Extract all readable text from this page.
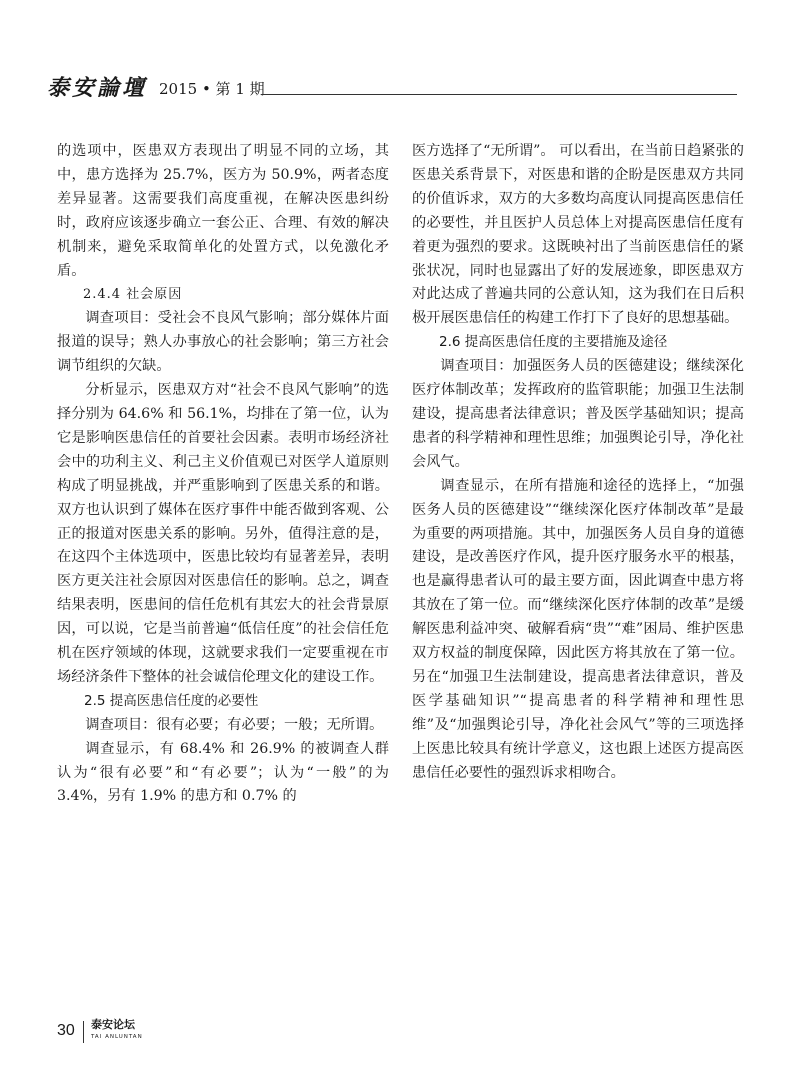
泰安論壇 2015 • 第 1 期

的选项中，医患双方表现出了明显不同的立场，其中，患方选择为 25.7%，医方为 50.9%，两者态度差异显著。这需要我们高度重视，在解决医患纠纷时，政府应该逐步确立一套公正、合理、有效的解决机制来，避免采取简单化的处置方式，以免激化矛盾。

2.4.4 社会原因

调查项目：受社会不良风气影响；部分媒体片面报道的误导；熟人办事放心的社会影响；第三方社会调节组织的欠缺。

分析显示，医患双方对“社会不良风气影响”的选择分别为 64.6% 和 56.1%，均排在了第一位，认为它是影响医患信任的首要社会因素。表明市场经济社会中的功利主义、利己主义价值观已对医学人道原则构成了明显挑战，并严重影响到了医患关系的和谐。双方也认识到了媒体在医疗事件中能否做到客观、公正的报道对医患关系的影响。另外，值得注意的是，在这四个主体选项中，医患比较均有显著差异，表明医方更关注社会原因对医患信任的影响。总之，调查结果表明，医患间的信任危机有其宏大的社会背景原因，可以说，它是当前普遍“低信任度”的社会信任危机在医疗领域的体现，这就要求我们一定要重视在市场经济条件下整体的社会诚信伦理文化的建设工作。

2.5 提高医患信任度的必要性

调查项目：很有必要；有必要；一般；无所谓。

调查显示，有 68.4% 和 26.9% 的被调查人群认为“很有必要”和“有必要”；认为“一般”的为 3.4%，另有 1.9% 的患方和 0.7% 的

医方选择了“无所谓”。 可以看出，在当前日趋紧张的医患关系背景下，对医患和谐的企盼是医患双方共同的价值诉求，双方的大多数均高度认同提高医患信任的必要性，并且医护人员总体上对提高医患信任度有着更为强烈的要求。这既映衬出了当前医患信任的紧张状况，同时也显露出了好的发展迹象，即医患双方对此达成了普遍共同的公意认知，这为我们在日后积极开展医患信任的构建工作打下了良好的思想基础。

2.6 提高医患信任度的主要措施及途径

调查项目：加强医务人员的医德建设；继续深化医疗体制改革；发挥政府的监管职能；加强卫生法制建设，提高患者法律意识；普及医学基础知识；提高患者的科学精神和理性思维；加强舆论引导，净化社会风气。

调查显示，在所有措施和途径的选择上，“加强医务人员的医德建设”“继续深化医疗体制改革”是最为重要的两项措施。其中，加强医务人员自身的道德建设，是改善医疗作风，提升医疗服务水平的根基，也是赢得患者认可的最主要方面，因此调查中患方将其放在了第一位。而“继续深化医疗体制的改革”是缓解医患利益冲突、破解看病“贵”“难”困局、维护医患双方权益的制度保障，因此医方将其放在了第一位。另在“加强卫生法制建设，提高患者法律意识，普及医学基础知识”“提高患者的科学精神和理性思维”及“加强舆论引导，净化社会风气”等的三项选择上医患比较具有统计学意义，这也跟上述医方提高医患信任必要性的强烈诉求相吻合。

30 泰安论坛
TAI ANLUNTAN
